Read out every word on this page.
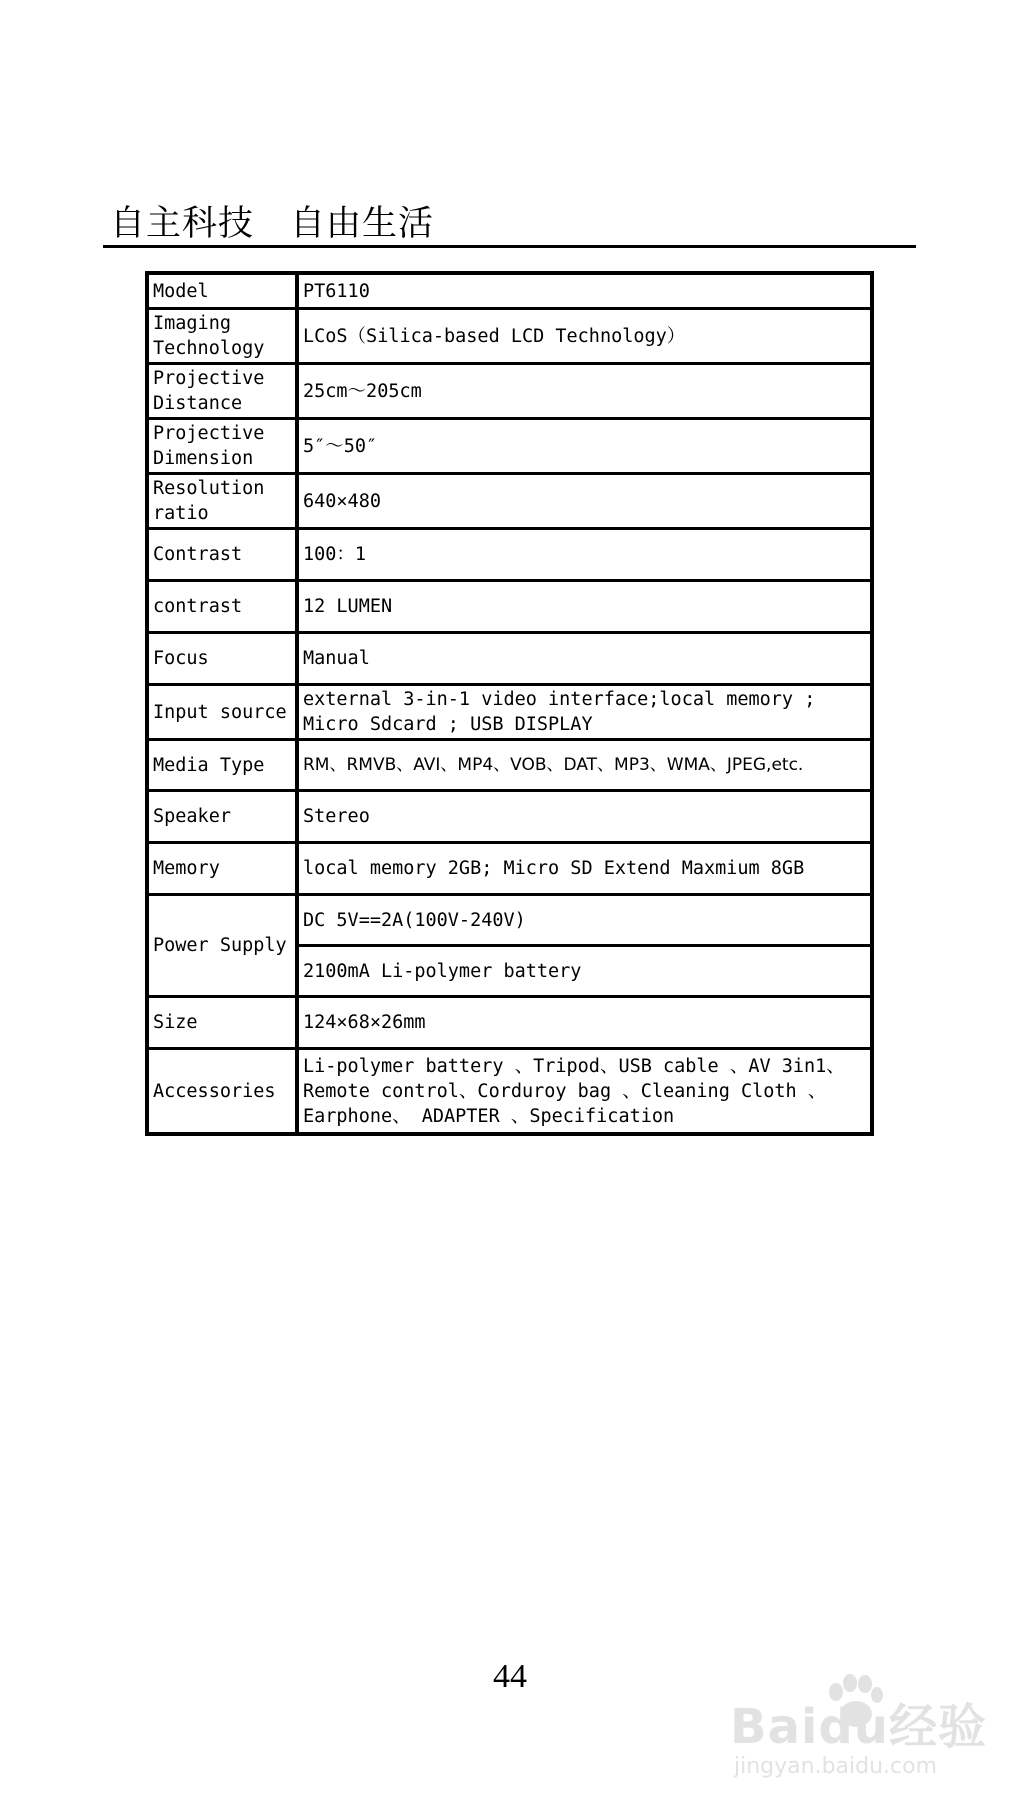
自主科技　自由生活
Model	PT6110
Imaging Technology	LCoS（Silica-based LCD Technology）
Projective Distance	25cm～205cm
Projective Dimension	5″～50″
Resolution ratio	640×480
Contrast	100：1
contrast	12 LUMEN
Focus	Manual
Input source	external 3-in-1 video interface;local memory ; Micro Sdcard ; USB DISPLAY
Media Type	RM、RMVB、AVI、MP4、VOB、DAT、MP3、WMA、JPEG,etc.
Speaker	Stereo
Memory	local memory 2GB; Micro SD Extend Maxmium 8GB
Power Supply	DC 5V==2A(100V-240V)
	2100mA Li-polymer battery
Size	124×68×26mm
Accessories	Li-polymer battery 、Tripod、USB cable 、AV 3in1、 Remote control、Corduroy bag 、Cleaning Cloth 、Earphone、 ADAPTER 、Specification
44
Baidu经验
jingyan.baidu.com
